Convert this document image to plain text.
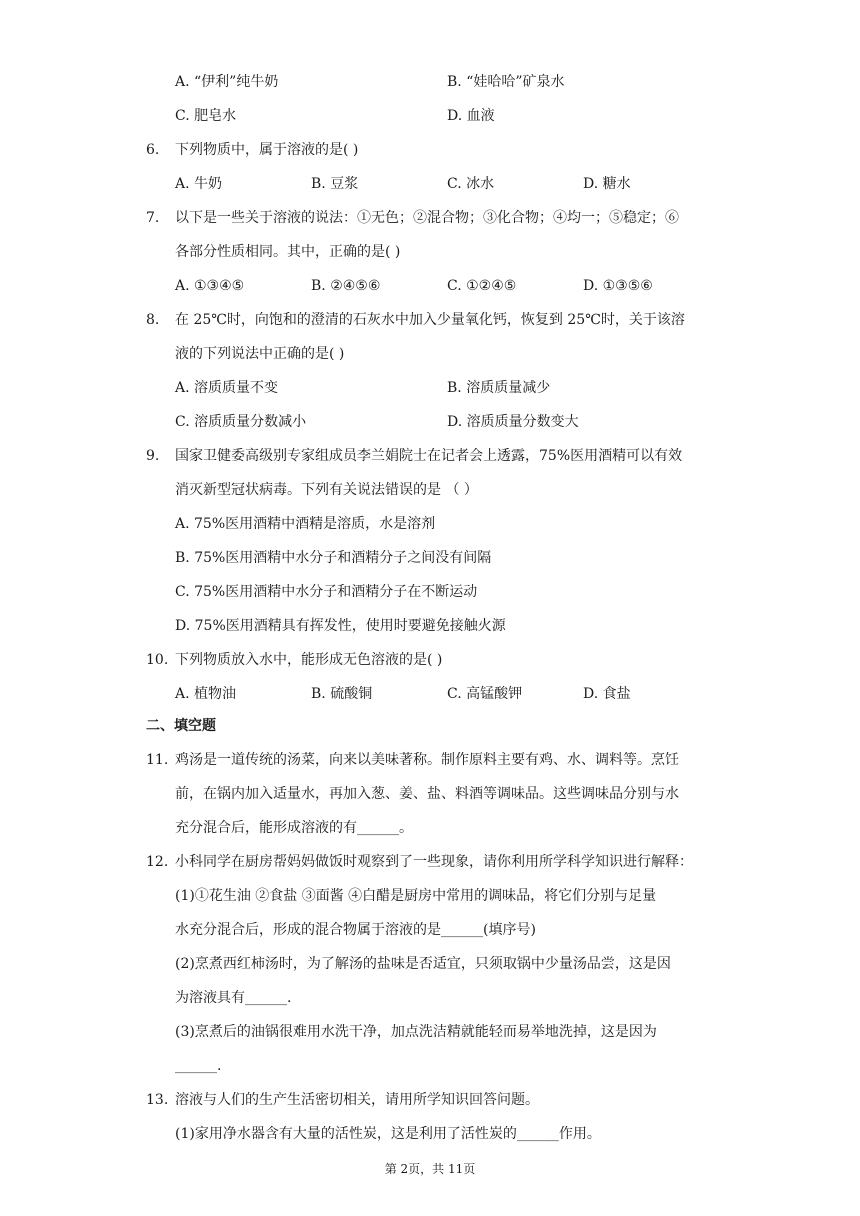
A. “伊利”纯牛奶	B. “娃哈哈”矿泉水
C. 肥皂水	D. 血液
6. 下列物质中，属于溶液的是( )
A. 牛奶	B. 豆浆	C. 冰水	D. 糖水
7. 以下是一些关于溶液的说法：①无色；②混合物；③化合物；④均一；⑤稳定；⑥
各部分性质相同。其中，正确的是( )
A. ①③④⑤	B. ②④⑤⑥	C. ①②④⑤	D. ①③⑤⑥
8. 在 25℃时，向饱和的澄清的石灰水中加入少量氧化钙，恢复到 25℃时，关于该溶
液的下列说法中正确的是( )
A. 溶质质量不变	B. 溶质质量减少
C. 溶质质量分数减小	D. 溶质质量分数变大
9. 国家卫健委高级别专家组成员李兰娟院士在记者会上透露，75%医用酒精可以有效
消灭新型冠状病毒。下列有关说法错误的是 （ ）
A. 75%医用酒精中酒精是溶质，水是溶剂
B. 75%医用酒精中水分子和酒精分子之间没有间隔
C. 75%医用酒精中水分子和酒精分子在不断运动
D. 75%医用酒精具有挥发性，使用时要避免接触火源
10. 下列物质放入水中，能形成无色溶液的是( )
A. 植物油	B. 硫酸铜	C. 高锰酸钾	D. 食盐
二、填空题
11. 鸡汤是一道传统的汤菜，向来以美味著称。制作原料主要有鸡、水、调料等。烹饪
前，在锅内加入适量水，再加入葱、姜、盐、料酒等调味品。这些调味品分别与水
充分混合后，能形成溶液的有______。
12. 小科同学在厨房帮妈妈做饭时观察到了一些现象，请你利用所学科学知识进行解释：
(1)①花生油 ②食盐 ③面酱 ④白醋是厨房中常用的调味品，将它们分别与足量
水充分混合后，形成的混合物属于溶液的是______(填序号)
(2)烹煮西红柿汤时，为了解汤的盐味是否适宜，只须取锅中少量汤品尝，这是因
为溶液具有______.
(3)烹煮后的油锅很难用水洗干净，加点洗洁精就能轻而易举地洗掉，这是因为
______.
13. 溶液与人们的生产生活密切相关，请用所学知识回答问题。
(1)家用净水器含有大量的活性炭，这是利用了活性炭的______作用。
第 2页，共 11页
